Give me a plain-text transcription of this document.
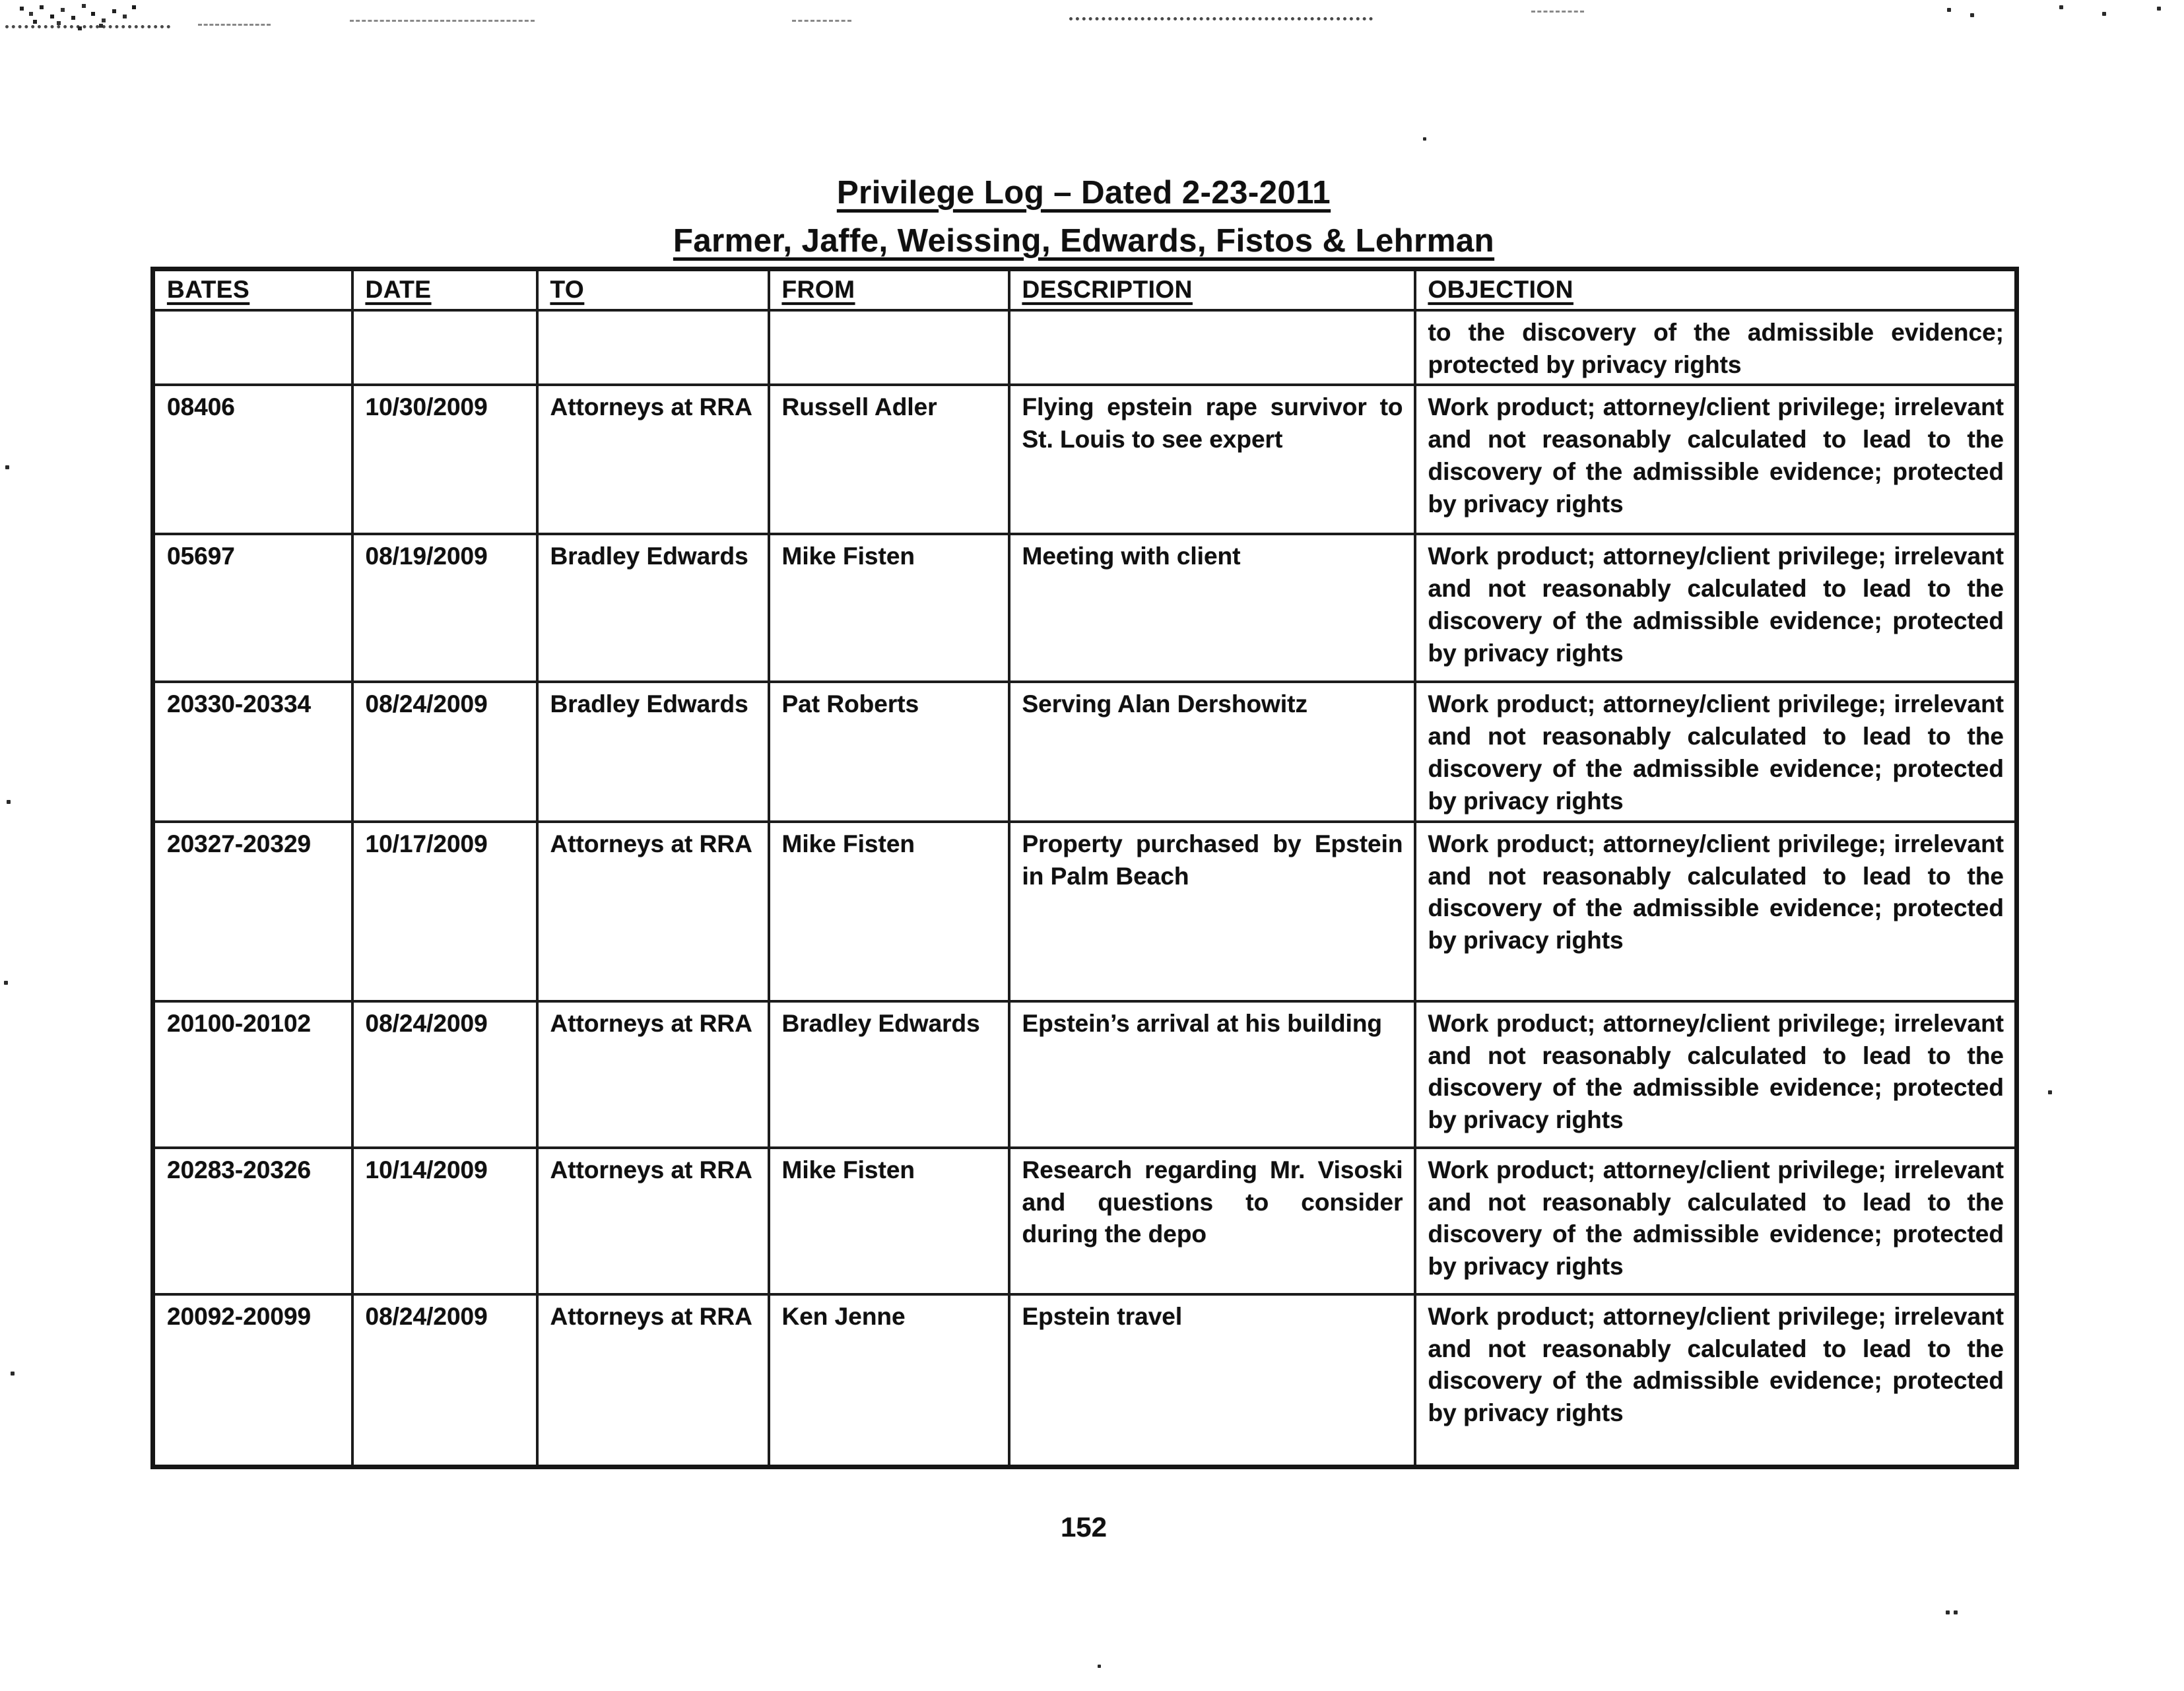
Privilege Log – Dated 2-23-2011
Farmer, Jaffe, Weissing, Edwards, Fistos & Lehrman
BATES	DATE	TO	FROM	DESCRIPTION	OBJECTION
					to the discovery of the admissible evidence; protected by privacy rights
08406	10/30/2009	Attorneys at RRA	Russell Adler	Flying epstein rape survivor to St. Louis to see expert	Work product; attorney/client privilege; irrelevant and not reasonably calculated to lead to the discovery of the admissible evidence; protected by privacy rights
05697	08/19/2009	Bradley Edwards	Mike Fisten	Meeting with client	Work product; attorney/client privilege; irrelevant and not reasonably calculated to lead to the discovery of the admissible evidence; protected by privacy rights
20330-20334	08/24/2009	Bradley Edwards	Pat Roberts	Serving Alan Dershowitz	Work product; attorney/client privilege; irrelevant and not reasonably calculated to lead to the discovery of the admissible evidence; protected by privacy rights
20327-20329	10/17/2009	Attorneys at RRA	Mike Fisten	Property purchased by Epstein in Palm Beach	Work product; attorney/client privilege; irrelevant and not reasonably calculated to lead to the discovery of the admissible evidence; protected by privacy rights
20100-20102	08/24/2009	Attorneys at RRA	Bradley Edwards	Epstein’s arrival at his building	Work product; attorney/client privilege; irrelevant and not reasonably calculated to lead to the discovery of the admissible evidence; protected by privacy rights
20283-20326	10/14/2009	Attorneys at RRA	Mike Fisten	Research regarding Mr. Visoski and questions to consider during the depo	Work product; attorney/client privilege; irrelevant and not reasonably calculated to lead to the discovery of the admissible evidence; protected by privacy rights
20092-20099	08/24/2009	Attorneys at RRA	Ken Jenne	Epstein travel	Work product; attorney/client privilege; irrelevant and not reasonably calculated to lead to the discovery of the admissible evidence; protected by privacy rights
152
